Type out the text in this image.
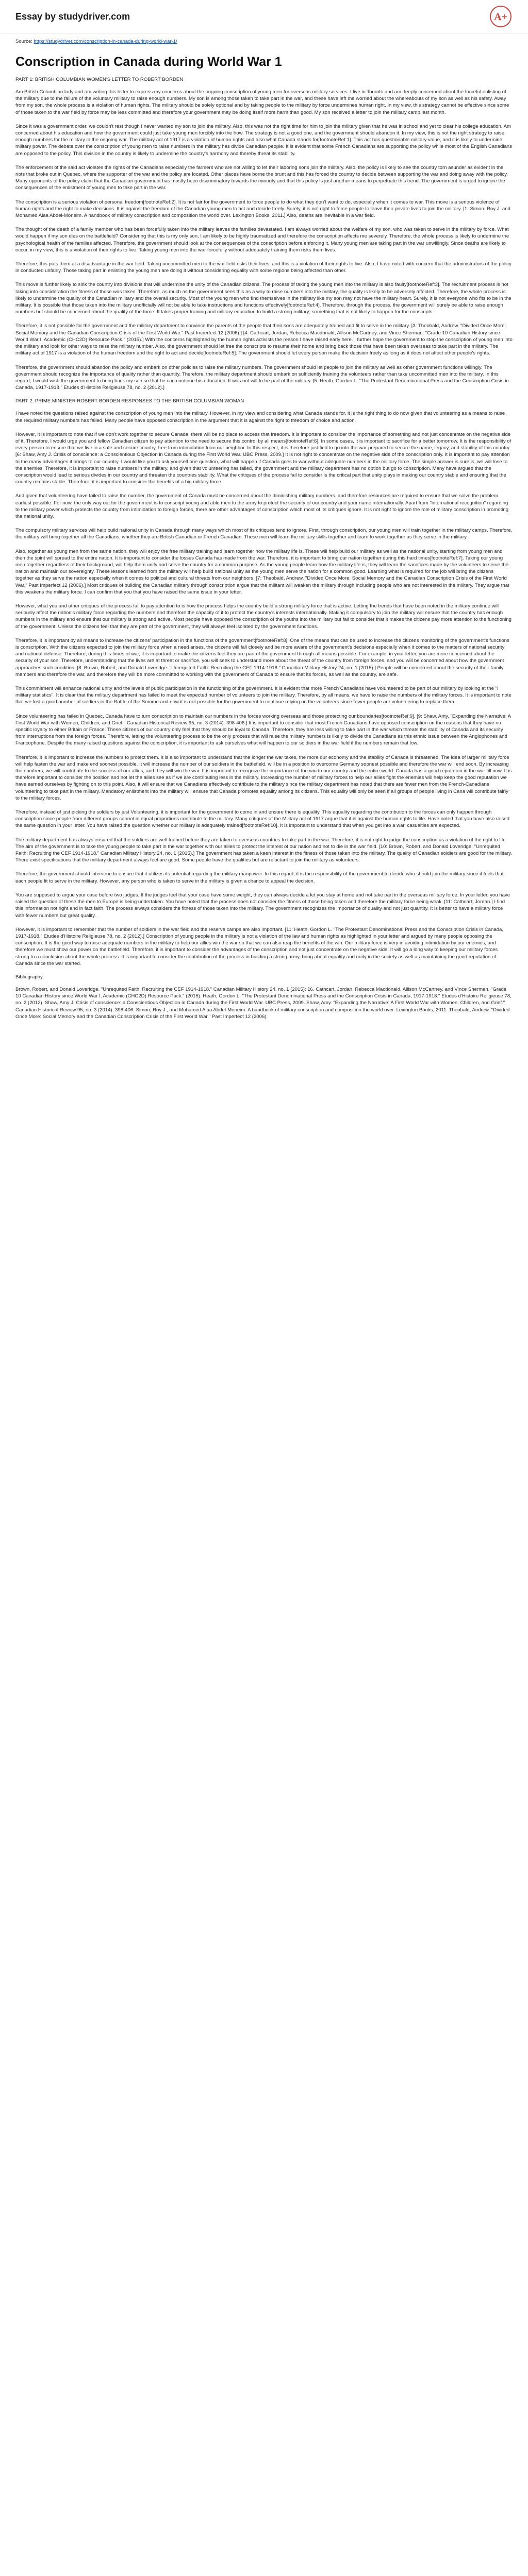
Essay by studydriver.com	A+
Source: https://studydriver.com/conscription-in-canada-during-world-war-1/
Conscription in Canada during World War 1
PART 1: BRITISH COLUMBIAN WOMEN'S LETTER TO ROBERT BORDEN

Am British Columbian lady and am writing this letter to express my concerns about the ongoing conscription of young men for overseas military services. I live in Toronto and am deeply concerned about the forceful enlisting of the military due to the failure of the voluntary military to raise enough numbers. My son is among those taken to take part in the war, and these have left me worried about the whereabouts of my son as well as his safety. Away from my son, the whole process is a violation of human rights. The military should be solely optional and by taking people to the military by force undermines human right. In my view, this strategy cannot be effective since some of those taken to the war field by force may be less committed and therefore your government may be doing itself more harm than good. My son received a letter to join the military camp last month.

Since it was a government order, we couldn't rest though I never wanted my son to join the military. Also, this was not the right time for him to join the military given that he was in school and yet to clear his college education. Am concerned about his education and how the government could just take young men forcibly into the how. The strategy is not a good one, and the government should abandon it. In my view, this is not the right strategy to raise enough numbers for the military in the ongoing war. The military act of 1917 is a violation of human rights and also what Canada stands for[footnoteRef:1]. This act has questionable military value, and it is likely to undermine military power. The debate over the conscription of young men to raise numbers in the military has divide Canadian people. It is evident that some French Canadians are supporting the policy while most of the English Canadians are opposed to the policy. This division in the country is likely to undermine the country's harmony and thereby threat its stability.

The enforcement of the said act violates the rights of the Canadians especially the farmers who are not willing to let their laboring sons join the military. Also, the policy is likely to see the country torn asunder as evident in the riots that broke out in Quebec, where the supporter of the war and the policy are located. Other places have borne the brunt and this has forced the country to decide between supporting the war and doing away with the policy. Many opponents of the policy claim that the Canadian government has mostly been discriminatory towards the minority and that this policy is just another means to perpetuate this trend. The government is urged to ignore the consequences of the enlistment of young men to take part in the war.

The conscription is a serious violation of personal freedom[footnoteRef:2]. It is not fair for the government to force people to do what they don't want to do, especially when it comes to war. This move is a serious violence of human rights and the right to make decisions. It is against the freedom of the Canadian young men to act and decide freely. Surely, it is not right to force people to leave their private lives to join the military. [1: Simon, Roy J. and Mohamed Alaa Abdel-Moneim. A handbook of military conscription and composition the world over. Lexington Books, 2011.] Also, deaths are inevitable in a war field.

The thought of the death of a family member who has been forcefully taken into the military leaves the families devastated. I am always worried about the welfare of my son, who was taken to serve in the military by force. What would happen if my son dies on the battlefield? Considering that this is my only son, I am likely to be highly traumatized and therefore the conscription affects me severely. Therefore, the whole process is likely to undermine the psychological health of the families affected. Therefore, the government should look at the consequences of the conscription before enforcing it. Many young men are taking part in the war unwillingly. Since deaths are likely to occur, in my view, this is a violation of their rights to live. Taking young men into the war forcefully without adequately training them risks them lives.

Therefore, this puts them at a disadvantage in the war field. Taking uncommitted men to the war field risks their lives, and this is a violation of their rights to live. Also, I have noted with concern that the administrators of the policy in conducted unfairly. Those taking part in enlisting the young men are doing it without considering equality with some regions being affected than other.

This move is further likely to sink the country into divisions that will undermine the unity of the Canadian citizens. The process of taking the young men into the military is also faulty[footnoteRef:3]. The recruitment process is not taking into consideration the fitness of those was taken. Therefore, as much as the government sees this as a way to raise numbers into the military, the quality is likely to be adversely affected. Therefore, the whole process is likely to undermine the quality of the Canadian military and the overall security. Most of the young men who find themselves in the military like my son may not have the military heart. Surely, it is not everyone who fits to be in the military. It is possible that those taken into the military unofficially will not be able to take instructions and functions effectively[footnoteRef:4]. Therefore, through the process, the government will surely be able to raise enough numbers but should be concerned about the quality of the force. If takes proper training and military education to build a strong military; something that is not likely to happen for the conscripts.

Therefore, it is not possible for the government and the military department to convince the parents of the people that their sons are adequately trained and fit to serve in the military. [3: Theobald, Andrew. "Divided Once More: Social Memory and the Canadian Conscription Crisis of the First World War." Past Imperfect 12 (2006).] [4: Cathcart, Jordan, Rebecca Macdonald, Allison McCartney, and Vince Sherman. "Grade 10 Canadian History since World War I, Academic (CHC2D) Resource Pack." (2015).] With the concerns highlighted by the human rights activists the reason I have raised early here. I further hope the government to stop the conscription of young men into the military and look for other ways to raise the military number. Also, the government should let free the conscripts to resume their home and bring back those that have been taken overseas to take part in the military. The military act of 1917 is a violation of the human freedom and the right to act and decide[footnoteRef:5]. The government should let every person make the decision freely as long as it does not affect other people's rights.

Therefore, the government should abandon the policy and embark on other policies to raise the military numbers. The government should let people to join the military as well as other government functions willingly. The government should recognize the importance of quality rather than quantity. Therefore, the military department should embark on sufficiently training the volunteers rather than take uncommitted men into the military. In this regard, I would wish the government to bring back my son so that he can continue his education. It was not will to be part of the military. [5: Heath, Gordon L. "The Protestant Denominational Press and the Conscription Crisis in Canada, 1917-1918." Etudes d'Histoire Religieuse 78, no. 2 (2012).]

PART 2: PRIME MINISTER ROBERT BORDEN RESPONSES TO THE BRITISH COLUMBIAN WOMAN

I have noted the questions raised against the conscription of young men into the military. However, in my view and considering what Canada stands for, it is the right thing to do now given that volunteering as a means to raise the required military numbers has failed. Many people have opposed conscription in the argument that it is against the right to freedom of choice and action.

However, it is important to note that if we don't work together to secure Canada, there will be no place to access that freedom. It is important to consider the importance of something and not just concentrate on the negative side of it. Therefore, I would urge you and fellow Canadian citizen to pay attention to the need to secure this control by all means[footnoteRef:6]. In some cases, it is important to sacrifice for a better tomorrow. It is the responsibility of every person to ensure that we live in a safe and secure country, free from intimidation from our neighbor. In this respect, it is therefore justified to go into the war prepared to secure the name, legacy, and stability of this country. [6: Shaw, Amy J. Crisis of conscience: a Conscientious Objection in Canada during the First World War. UBC Press, 2009.] It is not right to concentrate on the negative side of the conscription only. It is important to pay attention to the many advantages it brings to our country. I would like you to ask yourself one question, what will happen if Canada goes to war without adequate numbers in the military force. The simple answer is sure is, we will lose to the enemies. Therefore, it is important to raise numbers in the military, and given that volunteering has failed, the government and the military department has no option but go to conscription. Many have argued that the conscription would lead to serious divides in our country and threaten the countries stability. What the critiques of the process fail to consider is the critical part that unity plays in making our country stable and ensuring that the country remains stable. Therefore, it is important to consider the benefits of a big military force.

And given that volunteering have failed to raise the number, the government of Canada must be concerned about the diminishing military numbers, and therefore resources are required to ensure that we solve the problem earliest possible. For now, the only way out for the government is to conscript young and able men to the army to protect the security of our country and your name internationally. Apart from "international recognition" regarding to the military power which protects the country from intimidation to foreign forces, there are other advantages of conscription which most of its critiques ignore. It is not right to ignore the role of military conscription in promoting the national unity.

The compulsory military services will help build national unity in Canada through many ways which most of its critiques tend to ignore. First, through conscription, our young men will train together in the military camps. Therefore, the military will bring together all the Canadians, whether they are British Canadian or French Canadian. These men will learn the military skills together and learn to work together as they serve in the military.

Also, together as young men from the same nation, they will enjoy the free military training and learn together how the military life is. These will help build our military as well as the national unity, starting from young men and then the spirit will spread to the entire nation. It is important to consider the losses Canada has made from the war. Therefore, it is important to bring our nation together during this hard times[footnoteRef:7]. Taking our young men together regardless of their background, will help them unify and serve the country for a common purpose. As the young people learn how the military life is, they will learn the sacrifices made by the volunteers to serve the nation and maintain our sovereignty. These lessons learned from the military will help build national unity as the young men serve the nation for a common good. Learning what is required for the job will bring the citizens together as they serve the nation especially when it comes to political and cultural threats from our neighbors. [7: Theobald, Andrew. "Divided Once More: Social Memory and the Canadian Conscription Crisis of the First World War." Past Imperfect 12 (2006).] Most critiques of building the Canadian military through conscription argue that the militant will weaken the military through including people who are not interested in the military. They argue that this weakens the military force. I can confirm that you that you have raised the same issue in your letter.

However, what you and other critiques of the process fail to pay attention to is how the process helps the country build a strong military force that is active. Letting the trends that have been noted in the military continue will seriously affect the nation's military force regarding the numbers and therefore the capacity of it to protect the country's interests internationally. Making it compulsory to join the military will ensure that the country has enough numbers in the military and ensure that our military is strong and active. Most people have opposed the conscription of the youths into the military but fail to consider that it makes the citizens pay more attention to the functioning of the government. Unless the citizens feel that they are part of the government, they will always feel isolated by the government functions.

Therefore, it is important by all means to increase the citizens' participation in the functions of the government[footnoteRef:8]. One of the means that can be used to increase the citizens monitoring of the government's functions is conscription. With the citizens expected to join the military force when a need arises, the citizens will fall closely and be more aware of the government's decisions especially when it comes to the matters of national security and national defense. Therefore, during this times of war, it is important to make the citizens feel they are part of the government through all means possible. For example, in your letter, you are more concerned about the security of your son. Therefore, understanding that the lives are at threat or sacrifice, you will seek to understand more about the threat of the country from foreign forces, and you will be concerned about how the government approaches such condition. [8: Brown, Robert, and Donald Loveridge. "Unrequited Faith: Recruiting the CEF 1914-1918." Canadian Military History 24, no. 1 (2015).] People will be concerned about the security of their family members and therefore the war, and therefore they will be more committed to working with the government of Canada to ensure that its forces, as well as the country, are safe.

This commitment will enhance national unity and the levels of public participation in the functioning of the government. It is evident that more French Canadians have volunteered to be part of our military by looking at the "I military statistics". It is clear that the military department has failed to meet the expected number of volunteers to join the military. Therefore, by all means, we have to raise the numbers of the military forces. It is important to note that we lost a good number of soldiers in the Battle of the Somme and now it is not possible for the government to continue relying on the volunteers since fewer people are volunteering to replace them.

Since volunteering has failed in Quebec, Canada have to turn conscription to maintain our numbers in the forces working overseas and those protecting our boundaries[footnoteRef:9]. [9: Shaw, Amy. "Expanding the Narrative: A First World War with Women, Children, and Grief." Canadian Historical Review 95, no. 3 (2014): 398-406.] It is important to consider that most French Canadians have opposed conscription on the reasons that they have no specific loyalty to either Britain or France. These citizens of our country only feel that they should be loyal to Canada. Therefore, they are less willing to take part in the war which threats the stability of Canada and its security from interruptions from the foreign forces. Therefore, letting the volunteering process to be the only process that will raise the military numbers is likely to divide the Canadians as this ethnic issue between the Anglophones and Francophone. Despite the many raised questions against the conscription, it is important to ask ourselves what will happen to our soldiers in the war field if the numbers remain that low.

Therefore, it is important to increase the numbers to protect them. It is also important to understand that the longer the war takes, the more our economy and the stability of Canada is threatened. The idea of larger military force will help fasten the war and make end soonest possible. It will increase the number of our soldiers in the battlefield, will be in a position to overcome Germany soonest possible and therefore the war will end soon. By increasing the numbers, we will contribute to the success of our allies, and they will win the war. It is important to recognize the importance of the win to our country and the entire world. Canada has a good reputation in the war till now. It is therefore important to consider the position and not let the allies see as if we are contributing less in the military. Increasing the number of military forces to help our allies fight the enemies will help keep the good reputation we have earned ourselves by fighting on to this point. Also, it will ensure that we Canadians effectively contribute to the military since the military department has noted that there are fewer men from the French-Canadians volunteering to take part in the military. Mandatory enlistment into the military will ensure that Canada promotes equality among its citizens. This equality will only be seen if all groups of people living in Cana will contribute fairly to the military forces.

Therefore, instead of just picking the soldiers by just Volunteering, it is important for the government to come in and ensure there is equality. This equality regarding the contribution to the forces can only happen through conscription since people from different groups cannot in equal proportions contribute to the military. Many critiques of the Military act of 1917 argue that it is against the human rights to life. Have noted that you have also raised the same question in your letter. You have raised the question whether our military is adequately trained[footnoteRef:10]. It is important to understand that when you get into a war, casualties are expected.

The military department has always ensured that the soldiers are well trained before they are taken to overseas countries to take part in the war. Therefore, it is not right to judge the conscription as a violation of the right to life. The aim of the government is to take the young people to take part in the war together with our allies to protect the interest of our nation and not to die in the war field. [10: Brown, Robert, and Donald Loveridge. "Unrequited Faith: Recruiting the CEF 1914-1918." Canadian Military History 24, no. 1 (2015).] The government has taken a keen interest in the fitness of those taken into the military. The quality of Canadian soldiers are good for the military. There exist specifications that the military department always feel are good. Some people have the qualities but are reluctant to join the military as volunteers.

Therefore, the government should intervene to ensure that it utilizes its potential regarding the military manpower. In this regard, it is the responsibility of the government to decide who should join the military since it feels that each people fit to serve in the military. However, any person who is taken to serve in the military is given a chance to appeal the decision.

You are supposed to argue your case before two judges. If the judges feel that your case have some weight, they can always decide a let you stay at home and not take part in the overseas military force. In your letter, you have raised the question of these the men to Europe is being undertaken. You have noted that the process does not consider the fitness of those being taken and therefore the military force being weak. [11: Cathcart, Jordan.] I find this information not right and in fact faith. The process always considers the fitness of those taken into the military. The government recognizes the importance of quality and not just quantity. It is better to have a military force with fewer numbers but great quality.

However, it is important to remember that the number of soldiers in the war field and the reserve camps are also important. [11: Heath, Gordon L. "The Protestant Denominational Press and the Conscription Crisis in Canada, 1917-1918." Etudes d'Histoire Religieuse 78, no. 2 (2012).] Conscription of young people in the military is not a violation of the law and human rights as highlighted in your letter and argued by many people opposing the conscription. It is the good way to raise adequate numbers in the military to help our allies win the war so that we can also reap the benefits of the win. Our military force is very in avoiding intimidation by our enemies, and therefore we must show our power on the battlefield. Therefore, it is important to consider the advantages of the conscription and not just concentrate on the negative side. It will go a long way to keeping our military forces strong to a conclusion about the whole process. It is important to consider the contribution of the process in building a strong army, bring about equality and unity in the society as well as maintaining the good reputation of Canada since the war started.

Bibliography

Brown, Robert, and Donald Loveridge. "Unrequited Faith: Recruiting the CEF 1914-1918." Canadian Military History 24, no. 1 (2015): 16. Cathcart, Jordan, Rebecca Macdonald, Allison McCartney, and Vince Sherman. "Grade 10 Canadian History since World War I, Academic (CHC2D) Resource Pack." (2015). Heath, Gordon L. "The Protestant Denominational Press and the Conscription Crisis in Canada, 1917-1918." Etudes d'Histoire Religieuse 78, no. 2 (2012). Shaw, Amy J. Crisis of conscience: a Conscientious Objection in Canada during the First World War. UBC Press, 2009. Shaw, Amy. "Expanding the Narrative: A First World War with Women, Children, and Grief." Canadian Historical Review 95, no. 3 (2014): 398-406. Simon, Roy J., and Mohamed Alaa Abdel-Moneim. A handbook of military conscription and composition the world over. Lexington Books, 2011. Theobald, Andrew. "Divided Once More: Social Memory and the Canadian Conscription Crisis of the First World War." Past Imperfect 12 (2006).
